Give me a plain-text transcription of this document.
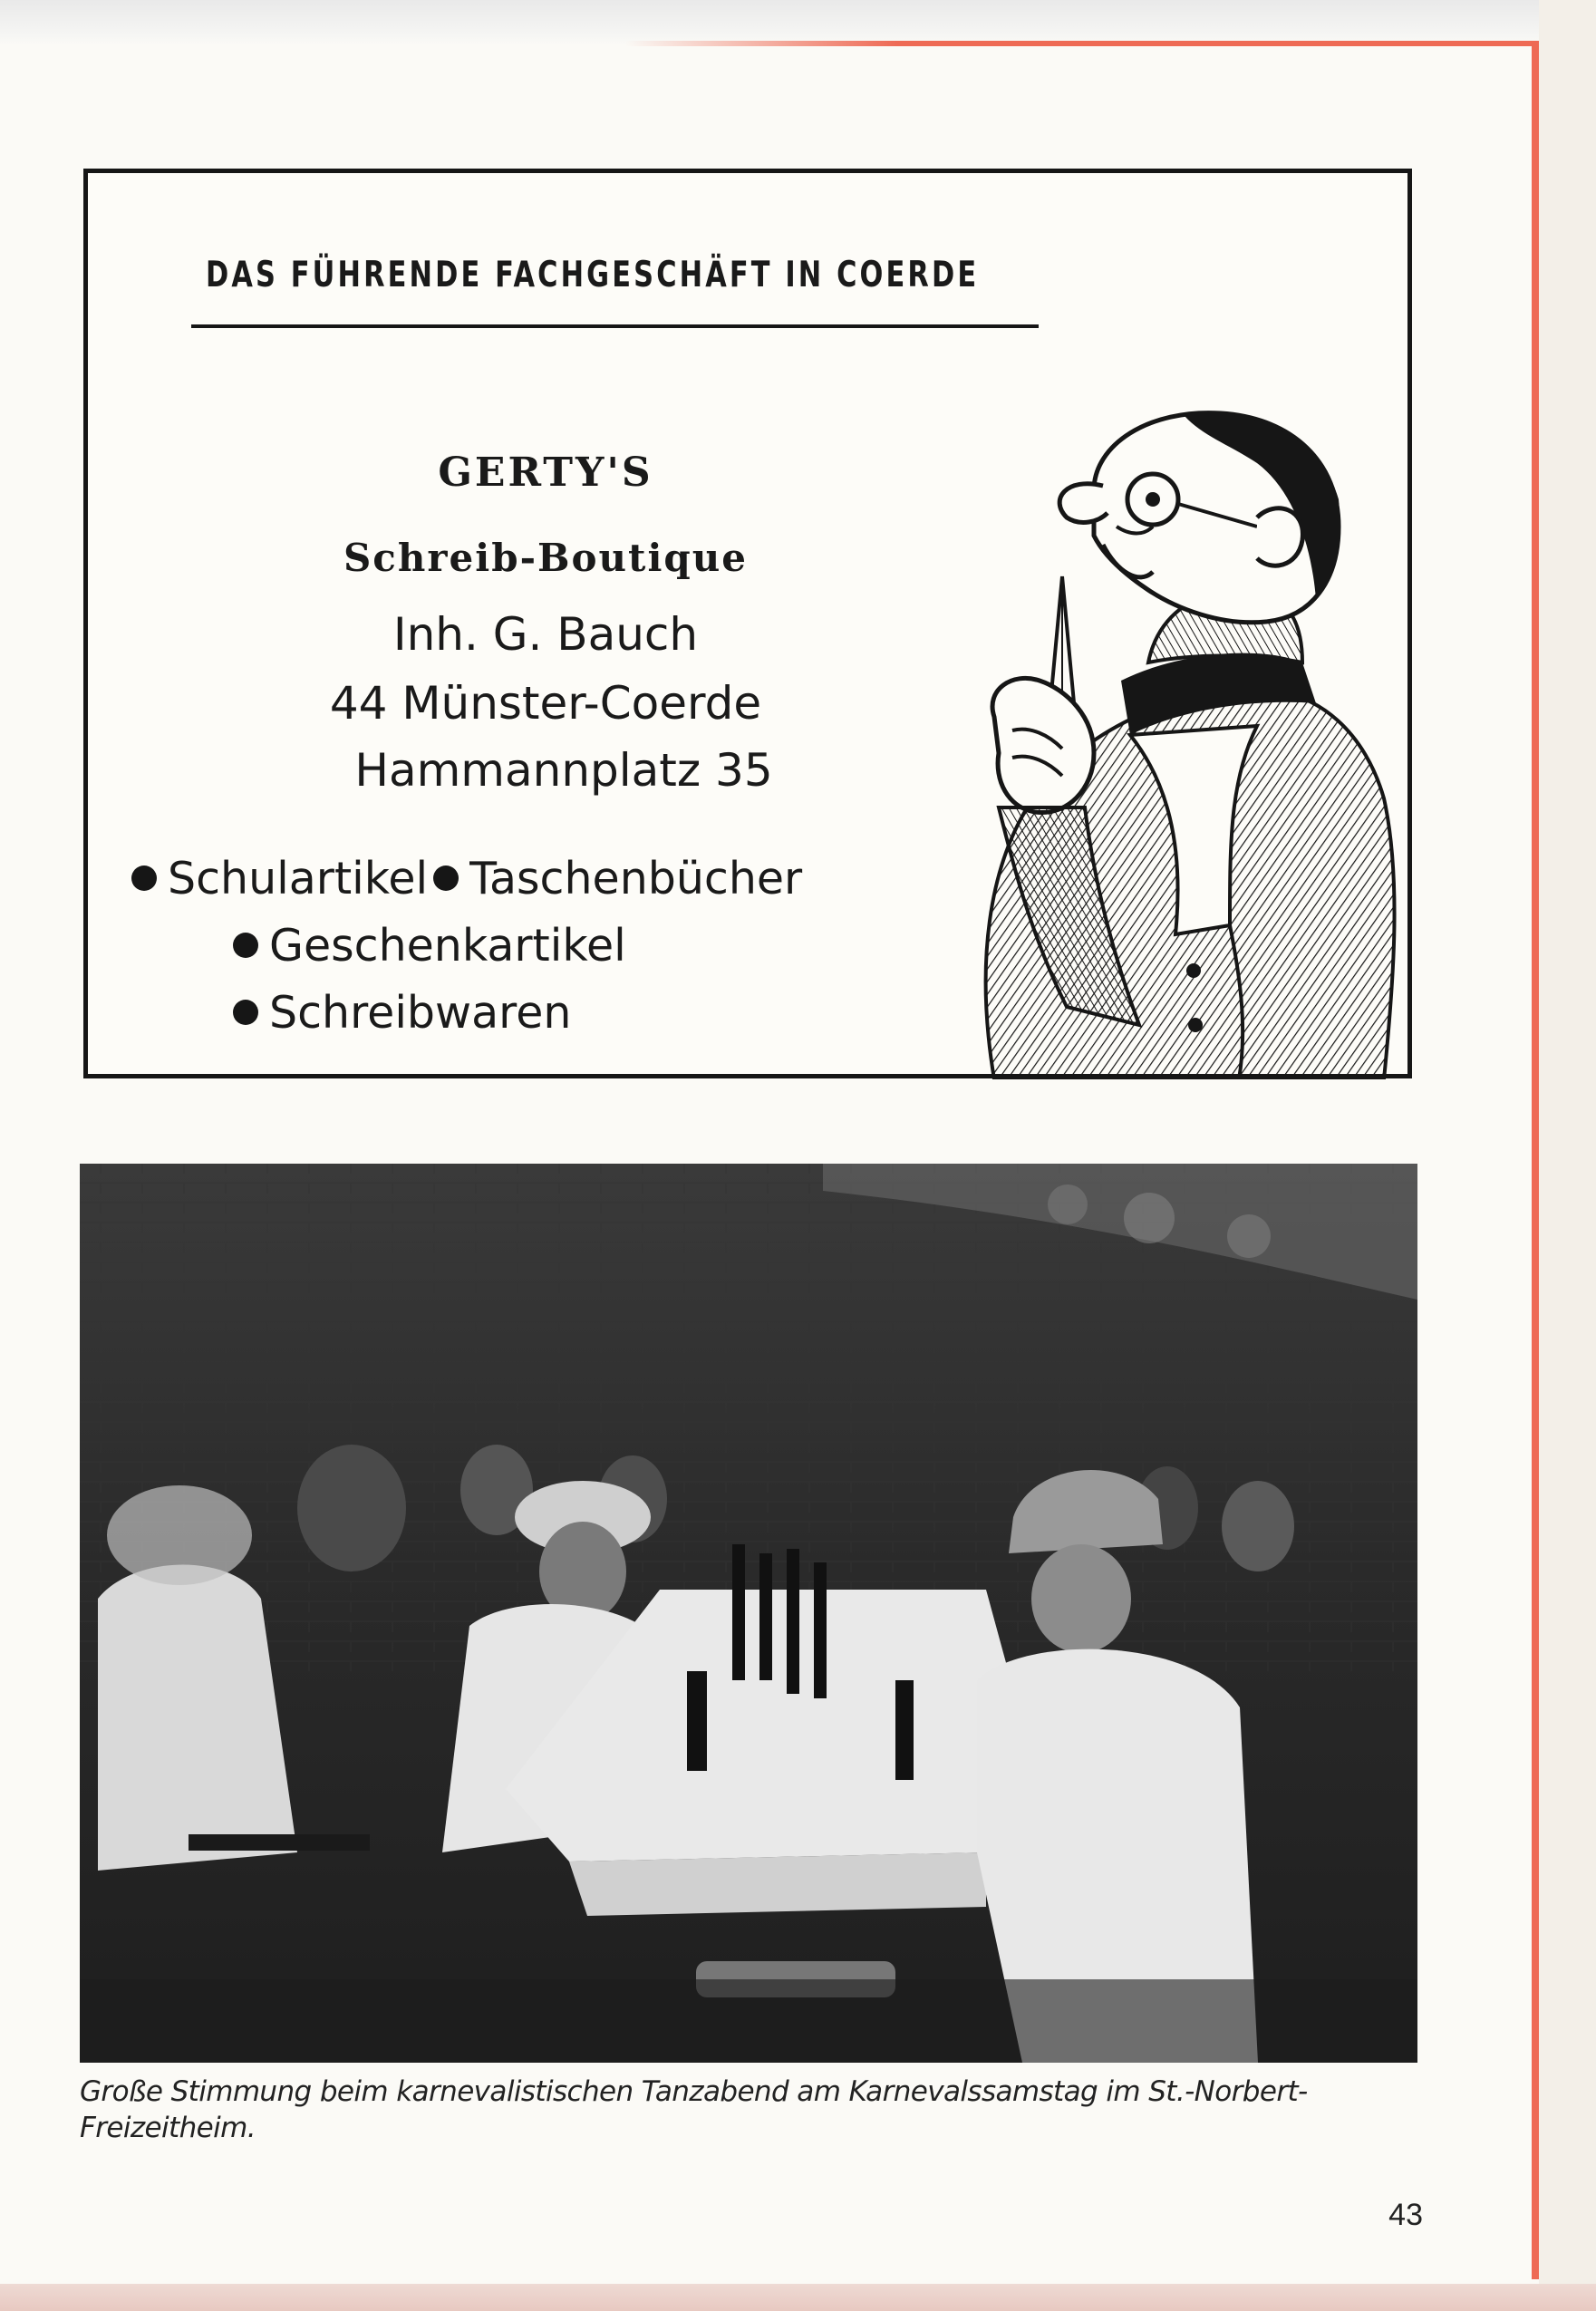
DAS FÜHRENDE FACHGESCHÄFT IN COERDE
GERTY'S
Schreib-Boutique
Inh. G. Bauch
44 Münster-Coerde
Hammannplatz 35
Schulartikel Taschenbücher
Geschenkartikel
Schreibwaren
Große Stimmung beim karnevalistischen Tanzabend am Karnevalssamstag im St.-Norbert-
Freizeitheim.
43
